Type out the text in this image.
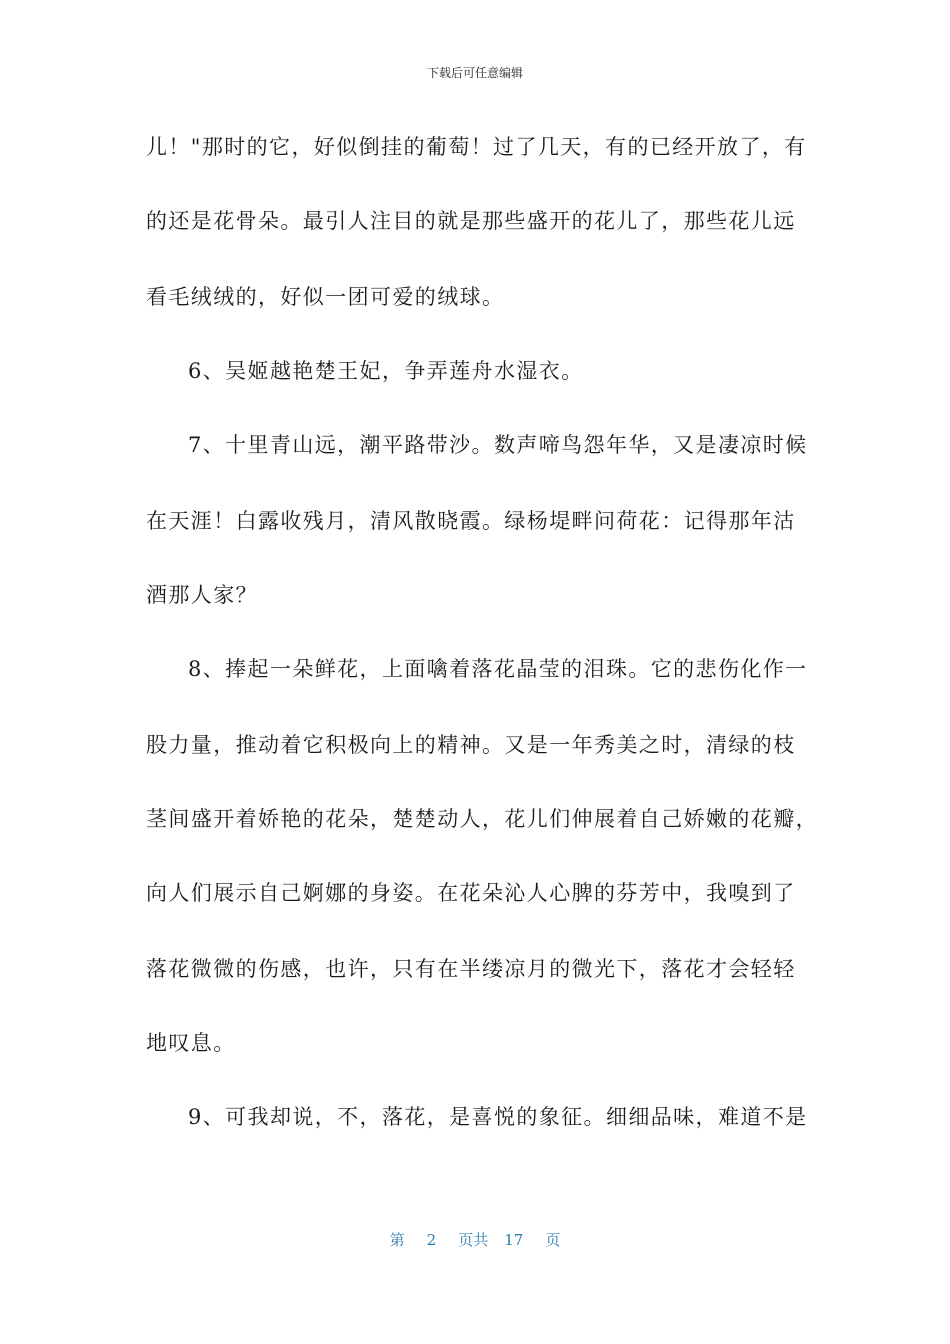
下载后可任意编辑
儿！"那时的它，好似倒挂的葡萄！过了几天，有的已经开放了，有
的还是花骨朵。最引人注目的就是那些盛开的花儿了，那些花儿远
看毛绒绒的，好似一团可爱的绒球。
6、吴姬越艳楚王妃，争弄莲舟水湿衣。
7、十里青山远，潮平路带沙。数声啼鸟怨年华，又是凄凉时候
在天涯！白露收残月，清风散晓霞。绿杨堤畔问荷花：记得那年沽
酒那人家？
8、捧起一朵鲜花，上面噙着落花晶莹的泪珠。它的悲伤化作一
股力量，推动着它积极向上的精神。又是一年秀美之时，清绿的枝
茎间盛开着娇艳的花朵，楚楚动人，花儿们伸展着自己娇嫩的花瓣，
向人们展示自己婀娜的身姿。在花朵沁人心脾的芬芳中，我嗅到了
落花微微的伤感，也许，只有在半缕凉月的微光下，落花才会轻轻
地叹息。
9、可我却说，不，落花，是喜悦的象征。细细品味，难道不是
第 2 页共 17 页
